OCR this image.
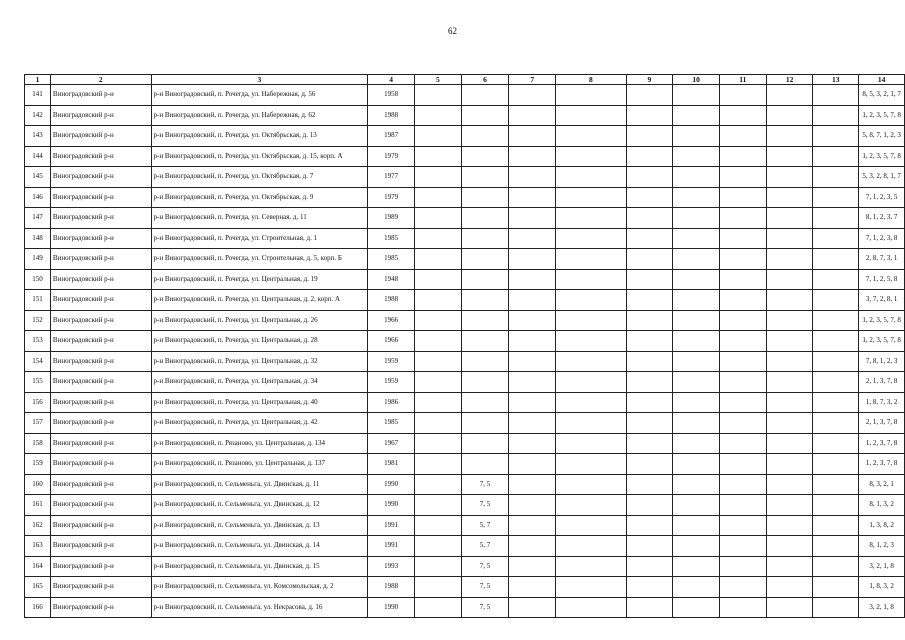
62
1	2	3	4	5	6	7	8	9	10	11	12	13	14
141	Виноградовский р-н	р-н Виноградовский, п. Рочегда, ул. Набережная, д. 56	1958										8, 5, 3, 2, 1, 7
142	Виноградовский р-н	р-н Виноградовский, п. Рочегда, ул. Набережная, д. 62	1988										1, 2, 3, 5, 7, 8
143	Виноградовский р-н	р-н Виноградовский, п. Рочегда, ул. Октябрьская, д. 13	1987										5, 8, 7, 1, 2, 3
144	Виноградовский р-н	р-н Виноградовский, п. Рочегда, ул. Октябрьская, д. 15, корп. А	1979										1, 2, 3, 5, 7, 8
145	Виноградовский р-н	р-н Виноградовский, п. Рочегда, ул. Октябрьская, д. 7	1977										5, 3, 2, 8, 1, 7
146	Виноградовский р-н	р-н Виноградовский, п. Рочегда, ул. Октябрьская, д. 9	1979										7, 1, 2, 3, 5
147	Виноградовский р-н	р-н Виноградовский, п. Рочегда, ул. Северная, д. 11	1989										8, 1, 2, 3, 7
148	Виноградовский р-н	р-н Виноградовский, п. Рочегда, ул. Строительная, д. 1	1985										7, 1, 2, 3, 8
149	Виноградовский р-н	р-н Виноградовский, п. Рочегда, ул. Строительная, д. 5, корп. Б	1985										2, 8, 7, 3, 1
150	Виноградовский р-н	р-н Виноградовский, п. Рочегда, ул. Центральная, д. 19	1948										7, 1, 2, 5, 8
151	Виноградовский р-н	р-н Виноградовский, п. Рочегда, ул. Центральная, д. 2, корп. А	1988										3, 7, 2, 8, 1
152	Виноградовский р-н	р-н Виноградовский, п. Рочегда, ул. Центральная, д. 26	1966										1, 2, 3, 5, 7, 8
153	Виноградовский р-н	р-н Виноградовский, п. Рочегда, ул. Центральная, д. 28	1966										1, 2, 3, 5, 7, 8
154	Виноградовский р-н	р-н Виноградовский, п. Рочегда, ул. Центральная, д. 32	1959										7, 8, 1, 2, 3
155	Виноградовский р-н	р-н Виноградовский, п. Рочегда, ул. Центральная, д. 34	1959										2, 1, 3, 7, 8
156	Виноградовский р-н	р-н Виноградовский, п. Рочегда, ул. Центральная, д. 40	1986										1, 8, 7, 3, 2
157	Виноградовский р-н	р-н Виноградовский, п. Рочегда, ул. Центральная, д. 42	1985										2, 1, 3, 7, 8
158	Виноградовский р-н	р-н Виноградовский, п. Рязаново, ул. Центральная, д. 134	1967										1, 2, 3, 7, 8
159	Виноградовский р-н	р-н Виноградовский, п. Рязаново, ул. Центральная, д. 137	1981										1, 2, 3, 7, 8
160	Виноградовский р-н	р-н Виноградовский, п. Сельменьга, ул. Двинская, д. 11	1990		7, 5								8, 3, 2, 1
161	Виноградовский р-н	р-н Виноградовский, п. Сельменьга, ул. Двинская, д. 12	1990		7, 5								8, 1, 3, 2
162	Виноградовский р-н	р-н Виноградовский, п. Сельменьга, ул. Двинская, д. 13	1991		5, 7								1, 3, 8, 2
163	Виноградовский р-н	р-н Виноградовский, п. Сельменьга, ул. Двинская, д. 14	1991		5, 7								8, 1, 2, 3
164	Виноградовский р-н	р-н Виноградовский, п. Сельменьга, ул. Двинская, д. 15	1993		7, 5								3, 2, 1, 8
165	Виноградовский р-н	р-н Виноградовский, п. Сельменьга, ул. Комсомольская, д. 2	1988		7, 5								1, 8, 3, 2
166	Виноградовский р-н	р-н Виноградовский, п. Сельменьга, ул. Некрасова, д. 16	1990		7, 5								3, 2, 1, 8
